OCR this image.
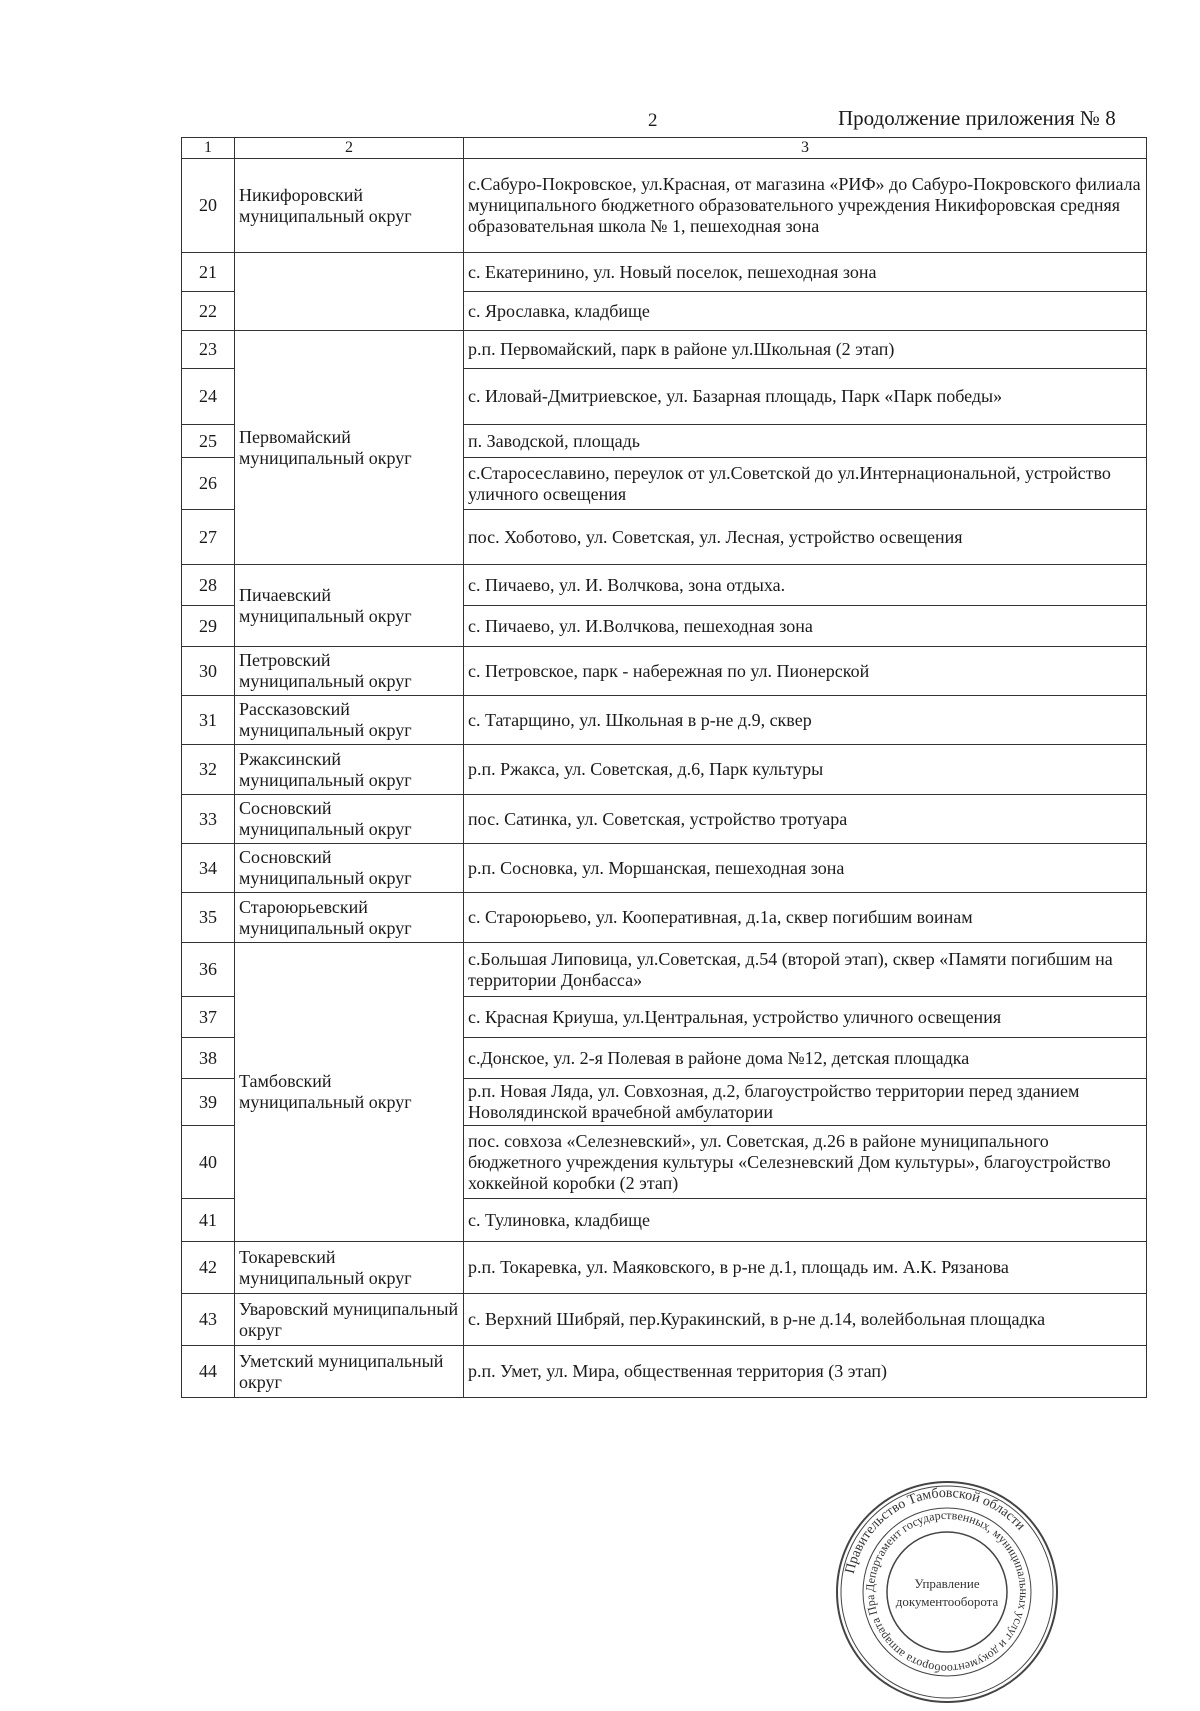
2	Продолжение приложения № 8
1	2	3
20	Никифоровский муниципальный округ	с.Сабуро-Покровское, ул.Красная, от магазина «РИФ» до Сабуро-Покровского филиала муниципального бюджетного образовательного учреждения Никифоровская средняя образовательная школа № 1, пешеходная зона
21		с. Екатеринино, ул. Новый поселок, пешеходная зона
22		с. Ярославка, кладбище
23	Первомайский муниципальный округ	р.п. Первомайский, парк в районе ул.Школьная (2 этап)
24		с. Иловай-Дмитриевское, ул. Базарная площадь, Парк «Парк победы»
25		п. Заводской, площадь
26		с.Старосеславино, переулок от ул.Советской до ул.Интернациональной, устройство уличного освещения
27		пос. Хоботово, ул. Советская, ул. Лесная, устройство освещения
28	Пичаевский муниципальный округ	с. Пичаево, ул. И. Волчкова, зона отдыха.
29		с. Пичаево, ул. И.Волчкова, пешеходная зона
30	Петровский муниципальный округ	с. Петровское, парк - набережная по ул. Пионерской
31	Рассказовский муниципальный округ	с. Татарщино, ул. Школьная в р-не д.9, сквер
32	Ржаксинский муниципальный округ	р.п. Ржакса, ул. Советская, д.6, Парк культуры
33	Сосновский муниципальный округ	пос. Сатинка, ул. Советская, устройство тротуара
34	Сосновский муниципальный округ	р.п. Сосновка, ул. Моршанская, пешеходная зона
35	Староюрьевский муниципальный округ	с. Староюрьево, ул. Кооперативная, д.1а, сквер погибшим воинам
36	Тамбовский муниципальный округ	с.Большая Липовица, ул.Советская, д.54 (второй этап), сквер «Памяти погибшим на территории Донбасса»
37		с. Красная Криуша, ул.Центральная, устройство уличного освещения
38		с.Донское, ул. 2-я Полевая в районе дома №12, детская площадка
39		р.п. Новая Ляда, ул. Совхозная, д.2, благоустройство территории перед зданием Новолядинской врачебной амбулатории
40		пос. совхоза «Селезневский», ул. Советская, д.26 в районе муниципального бюджетного учреждения культуры «Селезневский Дом культуры», благоустройство хоккейной коробки (2 этап)
41		с. Тулиновка, кладбище
42	Токаревский муниципальный округ	р.п. Токаревка, ул. Маяковского, в р-не д.1, площадь им. А.К. Рязанова
43	Уваровский муниципальный округ	с. Верхний Шибряй, пер.Куракинский, в р-не д.14, волейбольная площадка
44	Уметский муниципальный округ	р.п. Умет, ул. Мира, общественная территория (3 этап)
Правительство Тамбовской области
Департамент государственных, муниципальных услуг и документооборота аппарата Пра
Управление
документооборота
